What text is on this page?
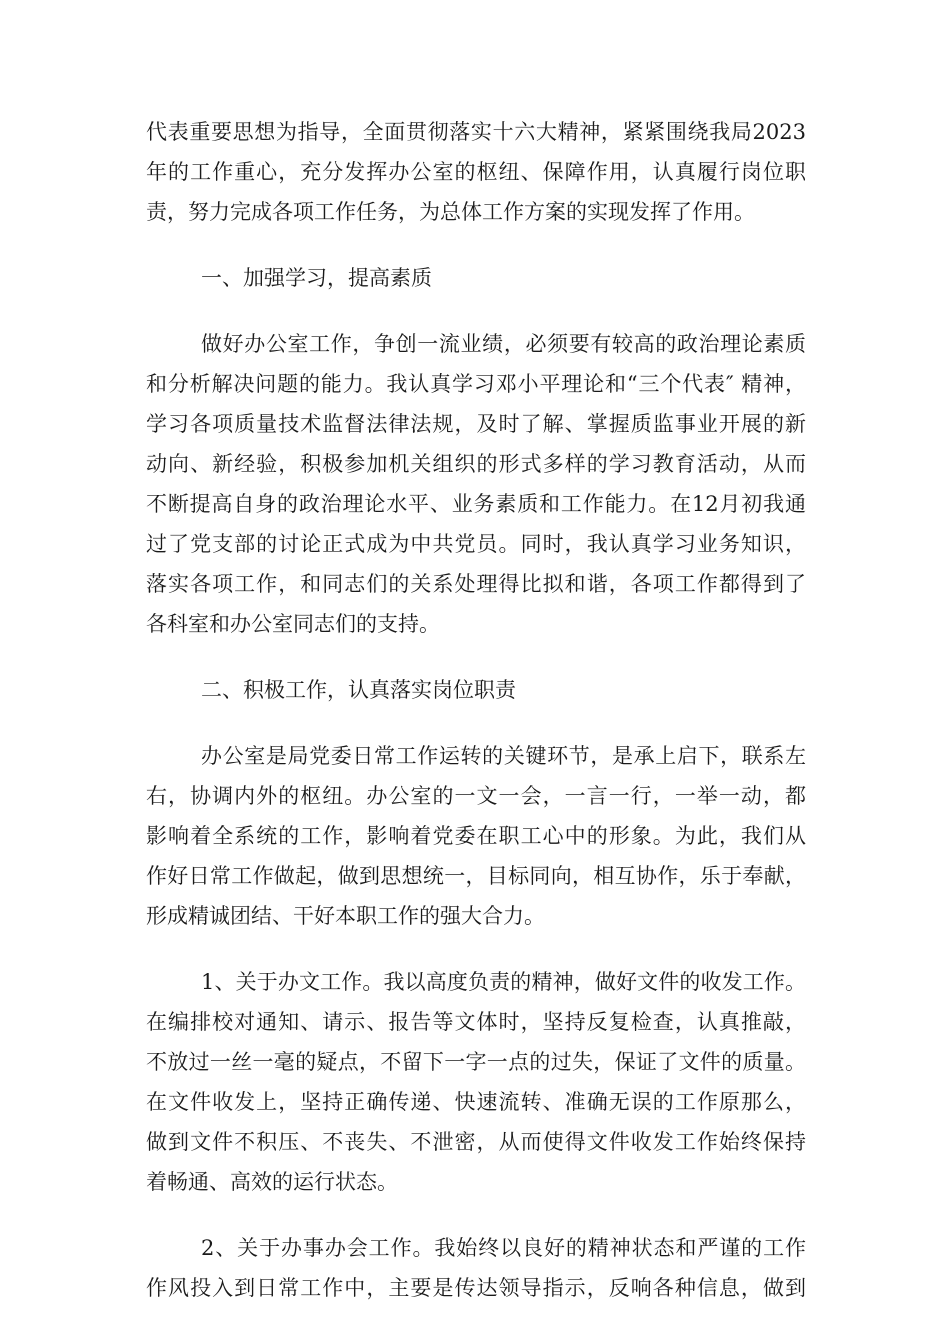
代表重要思想为指导，全面贯彻落实十六大精神，紧紧围绕我局2023
年的工作重心，充分发挥办公室的枢纽、保障作用，认真履行岗位职
责，努力完成各项工作任务，为总体工作方案的实现发挥了作用。
一、加强学习，提高素质
做好办公室工作，争创一流业绩，必须要有较高的政治理论素质
和分析解决问题的能力。我认真学习邓小平理论和“三个代表″ 精神，
学习各项质量技术监督法律法规，及时了解、掌握质监事业开展的新
动向、新经验，积极参加机关组织的形式多样的学习教育活动，从而
不断提高自身的政治理论水平、业务素质和工作能力。在12月初我通
过了党支部的讨论正式成为中共党员。同时，我认真学习业务知识，
落实各项工作，和同志们的关系处理得比拟和谐，各项工作都得到了
各科室和办公室同志们的支持。
二、积极工作，认真落实岗位职责
办公室是局党委日常工作运转的关键环节，是承上启下，联系左
右，协调内外的枢纽。办公室的一文一会，一言一行，一举一动，都
影响着全系统的工作，影响着党委在职工心中的形象。为此，我们从
作好日常工作做起，做到思想统一，目标同向，相互协作，乐于奉献，
形成精诚团结、干好本职工作的强大合力。
1、关于办文工作。我以高度负责的精神，做好文件的收发工作。
在编排校对通知、请示、报告等文体时，坚持反复检查，认真推敲，
不放过一丝一毫的疑点，不留下一字一点的过失，保证了文件的质量。
在文件收发上，坚持正确传递、快速流转、准确无误的工作原那么，
做到文件不积压、不丧失、不泄密，从而使得文件收发工作始终保持
着畅通、高效的运行状态。
2、关于办事办会工作。我始终以良好的精神状态和严谨的工作
作风投入到日常工作中，主要是传达领导指示，反响各种信息，做到
